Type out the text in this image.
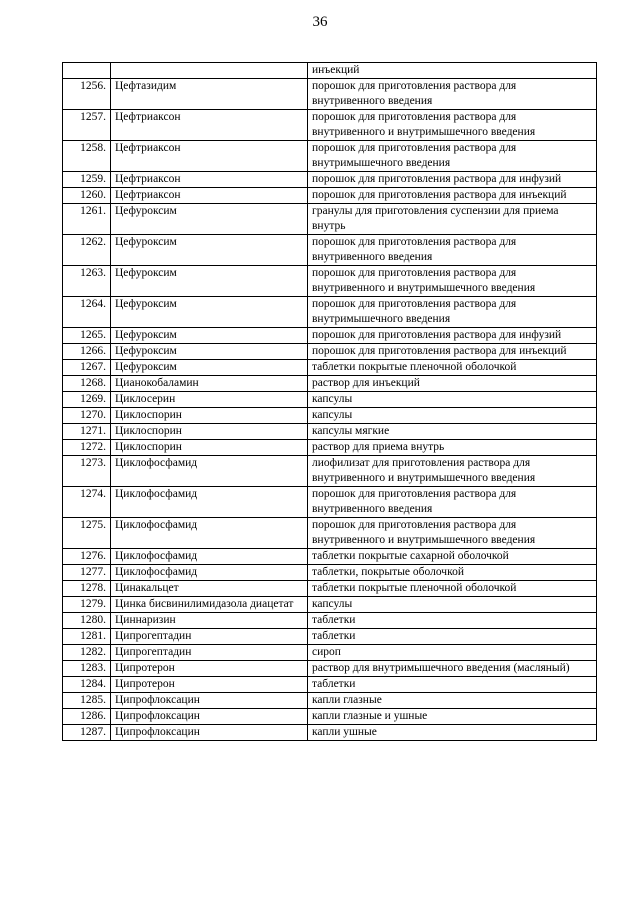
36
		инъекций
1256.	Цефтазидим	порошок для приготовления раствора для внутривенного введения
1257.	Цефтриаксон	порошок для приготовления раствора для внутривенного и внутримышечного введения
1258.	Цефтриаксон	порошок для приготовления раствора для внутримышечного введения
1259.	Цефтриаксон	порошок для приготовления раствора для инфузий
1260.	Цефтриаксон	порошок для приготовления раствора для инъекций
1261.	Цефуроксим	гранулы для приготовления суспензии для приема внутрь
1262.	Цефуроксим	порошок для приготовления раствора для внутривенного введения
1263.	Цефуроксим	порошок для приготовления раствора для внутривенного и внутримышечного введения
1264.	Цефуроксим	порошок для приготовления раствора для внутримышечного введения
1265.	Цефуроксим	порошок для приготовления раствора для инфузий
1266.	Цефуроксим	порошок для приготовления раствора для инъекций
1267.	Цефуроксим	таблетки покрытые пленочной оболочкой
1268.	Цианокобаламин	раствор для инъекций
1269.	Циклосерин	капсулы
1270.	Циклоспорин	капсулы
1271.	Циклоспорин	капсулы мягкие
1272.	Циклоспорин	раствор для приема внутрь
1273.	Циклофосфамид	лиофилизат для приготовления раствора для внутривенного и внутримышечного введения
1274.	Циклофосфамид	порошок для приготовления раствора для внутривенного введения
1275.	Циклофосфамид	порошок для приготовления раствора для внутривенного и внутримышечного введения
1276.	Циклофосфамид	таблетки покрытые сахарной оболочкой
1277.	Циклофосфамид	таблетки, покрытые оболочкой
1278.	Цинакальцет	таблетки покрытые пленочной оболочкой
1279.	Цинка бисвинилимидазола диацетат	капсулы
1280.	Циннаризин	таблетки
1281.	Ципрогептадин	таблетки
1282.	Ципрогептадин	сироп
1283.	Ципротерон	раствор для внутримышечного введения (масляный)
1284.	Ципротерон	таблетки
1285.	Ципрофлоксацин	капли глазные
1286.	Ципрофлоксацин	капли глазные и ушные
1287.	Ципрофлоксацин	капли ушные
